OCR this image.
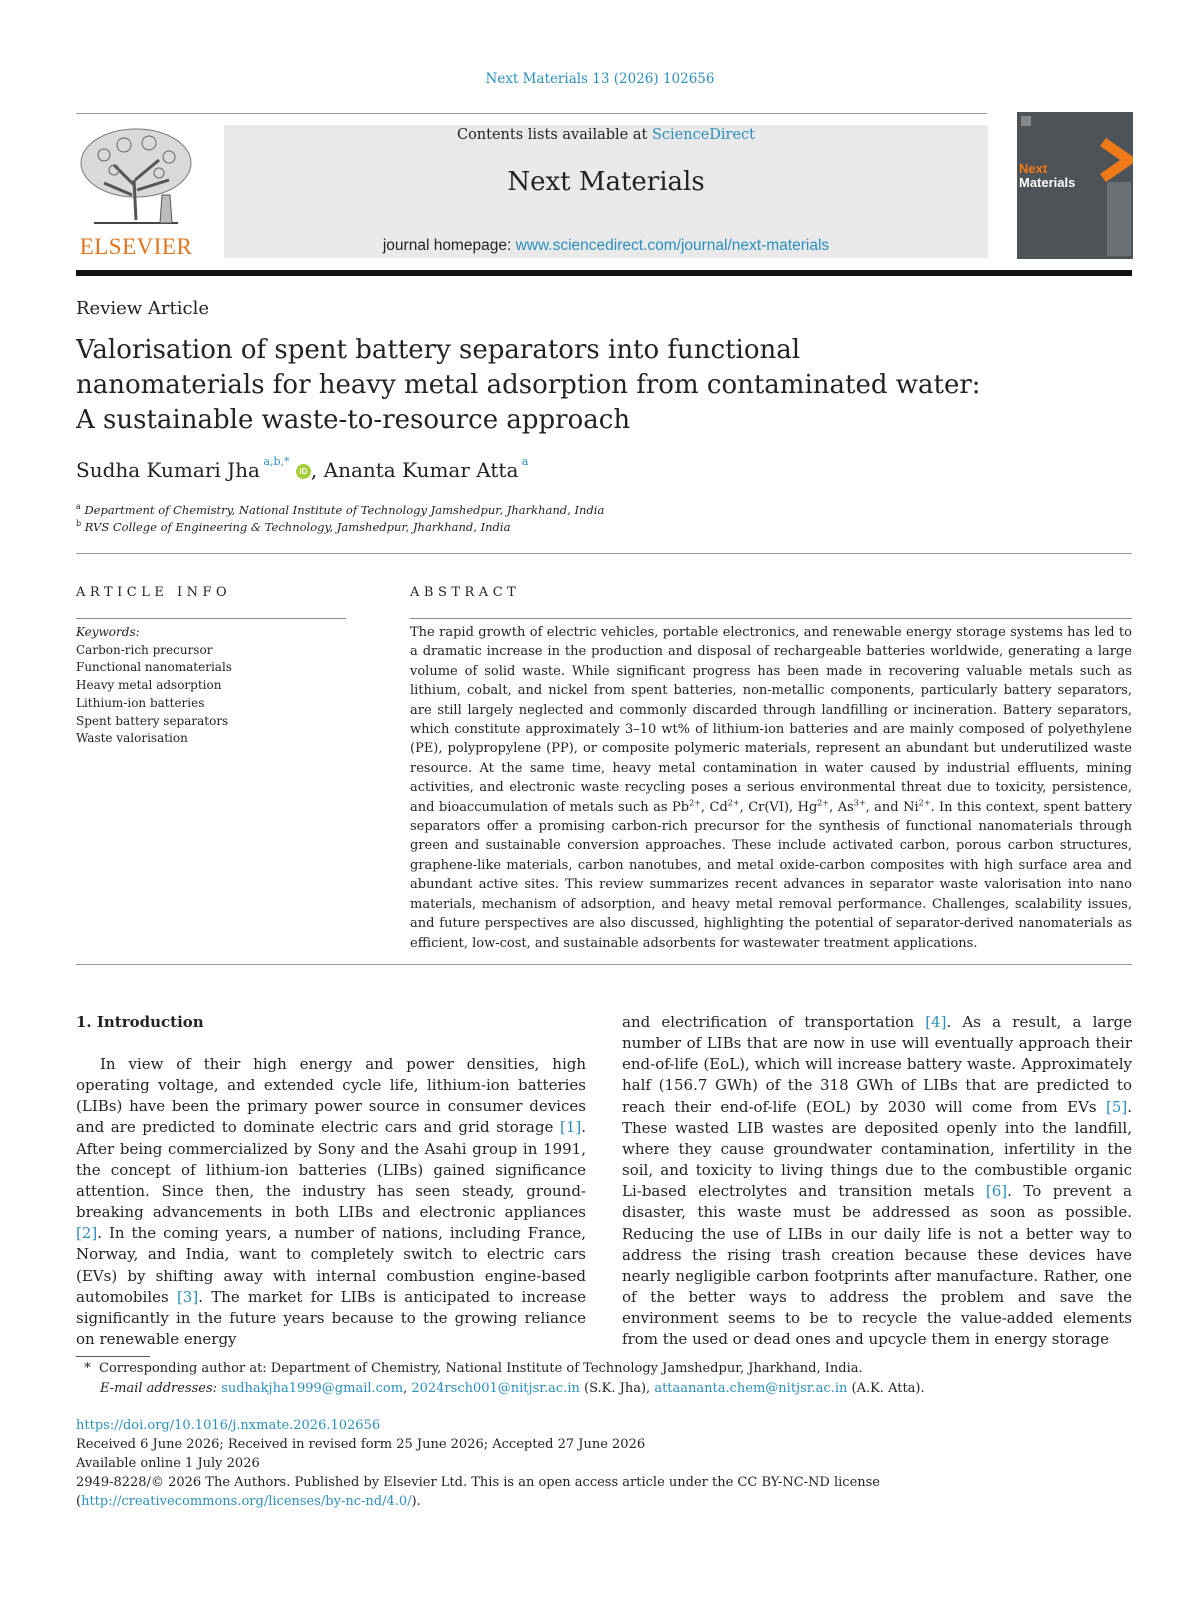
Next Materials 13 (2026) 102656
ELSEVIER
Contents lists available at ScienceDirect
Next Materials
journal homepage: www.sciencedirect.com/journal/next-materials
Next
Materials
Review Article
Valorisation of spent battery separators into functional nanomaterials for heavy metal adsorption from contaminated water: A sustainable waste-to-resource approach
Sudha Kumari Jha $^{a,b,*}$ iD , Ananta Kumar Atta $^a$
$^a$ Department of Chemistry, National Institute of Technology Jamshedpur, Jharkhand, India
$^b$ RVS College of Engineering & Technology, Jamshedpur, Jharkhand, India
ARTICLE INFO
Keywords:
Carbon-rich precursor
Functional nanomaterials
Heavy metal adsorption
Lithium-ion batteries
Spent battery separators
Waste valorisation
ABSTRACT

The rapid growth of electric vehicles, portable electronics, and renewable energy storage systems has led to a dramatic increase in the production and disposal of rechargeable batteries worldwide, generating a large volume of solid waste. While significant progress has been made in recovering valuable metals such as lithium, cobalt, and nickel from spent batteries, non-metallic components, particularly battery separators, are still largely neglected and commonly discarded through landfilling or incineration. Battery separators, which constitute approximately 3–10 wt% of lithium-ion batteries and are mainly composed of polyethylene (PE), polypropylene (PP), or composite polymeric materials, represent an abundant but underutilized waste resource. At the same time, heavy metal contamination in water caused by industrial effluents, mining activities, and electronic waste recycling poses a serious environmental threat due to toxicity, persistence, and bioaccumulation of metals such as $Pb^{2+}$, $Cd^{2+}$, Cr(VI), $Hg^{2+}$, $As^{3+}$, and $Ni^{2+}$. In this context, spent battery separators offer a promising carbon-rich precursor for the synthesis of functional nanomaterials through green and sustainable conversion approaches. These include activated carbon, porous carbon structures, graphene-like materials, carbon nanotubes, and metal oxide-carbon composites with high surface area and abundant active sites. This review summarizes recent advances in separator waste valorisation into nano materials, mechanism of adsorption, and heavy metal removal performance. Challenges, scalability issues, and future perspectives are also discussed, highlighting the potential of separator-derived nanomaterials as efficient, low-cost, and sustainable adsorbents for wastewater treatment applications.

1. Introduction

In view of their high energy and power densities, high operating voltage, and extended cycle life, lithium-ion batteries (LIBs) have been the primary power source in consumer devices and are predicted to dominate electric cars and grid storage [1]. After being commercialized by Sony and the Asahi group in 1991, the concept of lithium-ion batteries (LIBs) gained significance attention. Since then, the industry has seen steady, ground-breaking advancements in both LIBs and electronic appliances [2]. In the coming years, a number of nations, including France, Norway, and India, want to completely switch to electric cars (EVs) by shifting away with internal combustion engine-based automobiles [3]. The market for LIBs is anticipated to increase significantly in the future years because to the growing reliance on renewable energy

and electrification of transportation [4]. As a result, a large number of LIBs that are now in use will eventually approach their end-of-life (EoL), which will increase battery waste. Approximately half (156.7 GWh) of the 318 GWh of LIBs that are predicted to reach their end-of-life (EOL) by 2030 will come from EVs [5]. These wasted LIB wastes are deposited openly into the landfill, where they cause groundwater contamination, infertility in the soil, and toxicity to living things due to the combustible organic Li-based electrolytes and transition metals [6]. To prevent a disaster, this waste must be addressed as soon as possible. Reducing the use of LIBs in our daily life is not a better way to address the rising trash creation because these devices have nearly negligible carbon footprints after manufacture. Rather, one of the better ways to address the problem and save the environment seems to be to recycle the value-added elements from the used or dead ones and upcycle them in energy storage

* Corresponding author at: Department of Chemistry, National Institute of Technology Jamshedpur, Jharkhand, India.
E-mail addresses: sudhakjha1999@gmail.com, 2024rsch001@nitjsr.ac.in (S.K. Jha), attaananta.chem@nitjsr.ac.in (A.K. Atta).
https://doi.org/10.1016/j.nxmate.2026.102656
Received 6 June 2026; Received in revised form 25 June 2026; Accepted 27 June 2026
Available online 1 July 2026
2949-8228/© 2026 The Authors. Published by Elsevier Ltd. This is an open access article under the CC BY-NC-ND license (http://creativecommons.org/licenses/by-nc-nd/4.0/).
